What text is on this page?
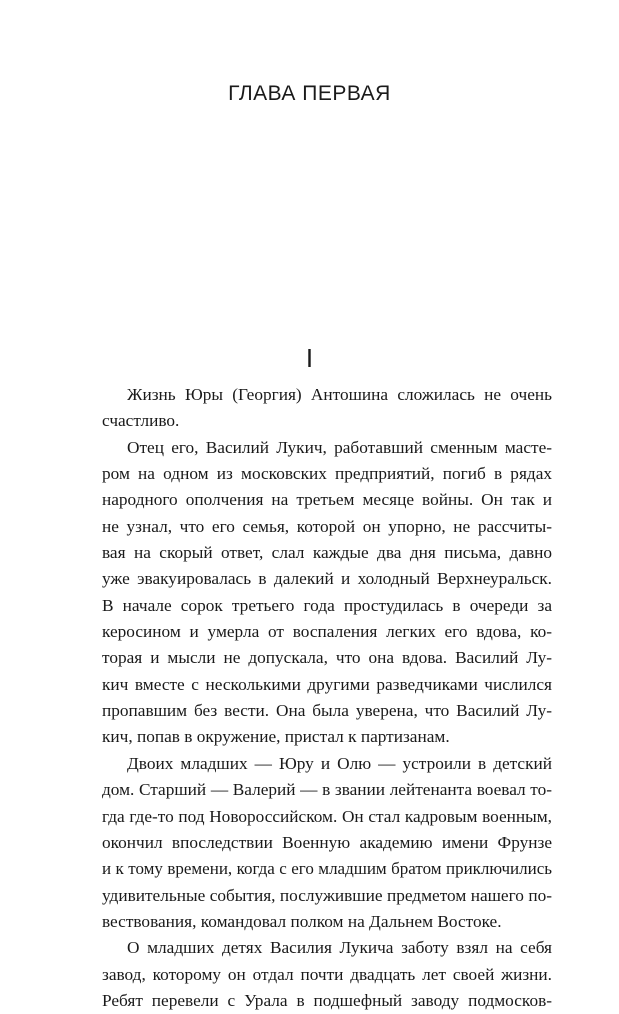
ГЛАВА ПЕРВАЯ
I
Жизнь Юры (Георгия) Антошина сложилась не очень
счастливо.
Отец его, Василий Лукич, работавший сменным масте-
ром на одном из московских предприятий, погиб в рядах
народного ополчения на третьем месяце войны. Он так и
не узнал, что его семья, которой он упорно, не рассчиты-
вая на скорый ответ, слал каждые два дня письма, давно
уже эвакуировалась в далекий и холодный Верхнеуральск.
В начале сорок третьего года простудилась в очереди за
керосином и умерла от воспаления легких его вдова, ко-
торая и мысли не допускала, что она вдова. Василий Лу-
кич вместе с несколькими другими разведчиками числился
пропавшим без вести. Она была уверена, что Василий Лу-
кич, попав в окружение, пристал к партизанам.
Двоих младших — Юру и Олю — устроили в детский
дом. Старший — Валерий — в звании лейтенанта воевал то-
гда где-то под Новороссийском. Он стал кадровым военным,
окончил впоследствии Военную академию имени Фрунзе
и к тому времени, когда с его младшим братом приключились
удивительные события, послужившие предметом нашего по-
вествования, командовал полком на Дальнем Востоке.
О младших детях Василия Лукича заботу взял на себя
завод, которому он отдал почти двадцать лет своей жизни.
Ребят перевели с Урала в подшефный заводу подмосков-
